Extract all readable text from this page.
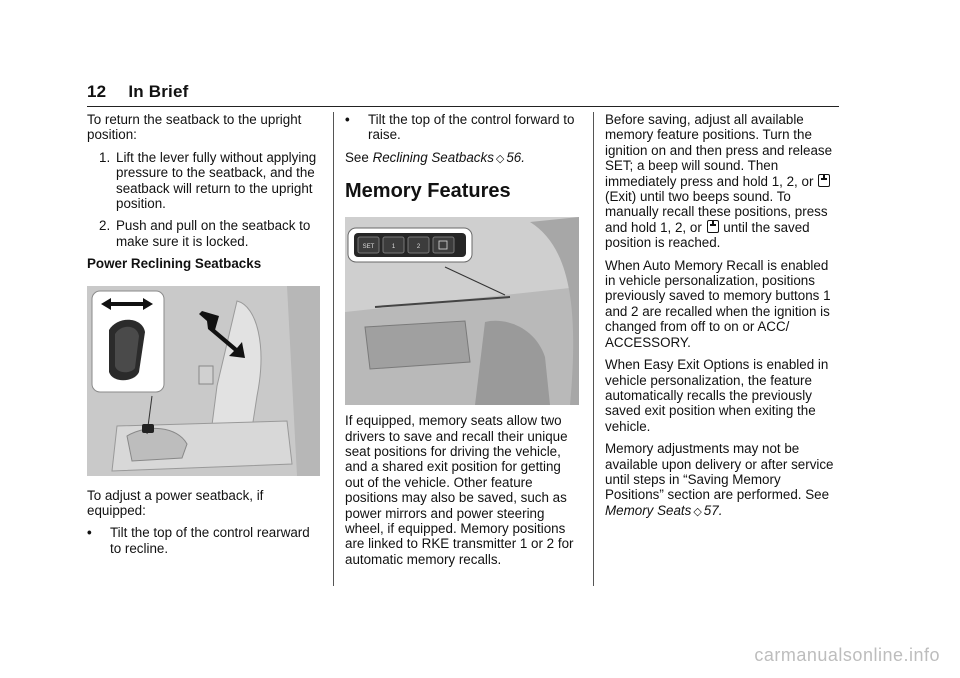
12 In Brief

To return the seatback to the upright position:

1. Lift the lever fully without applying pressure to the seatback, and the seatback will return to the upright position.
2. Push and pull on the seatback to make sure it is locked.

Power Reclining Seatbacks

To adjust a power seatback, if equipped:

•	Tilt the top of the control rearward to recline.
•	Tilt the top of the control forward to raise.

See Reclining Seatbacks ◇ 56.

Memory Features
SET	1	2

If equipped, memory seats allow two drivers to save and recall their unique seat positions for driving the vehicle, and a shared exit position for getting out of the vehicle. Other feature positions may also be saved, such as power mirrors and power steering wheel, if equipped. Memory positions are linked to RKE transmitter 1 or 2 for automatic memory recalls.

Before saving, adjust all available memory feature positions. Turn the ignition on and then press and release SET; a beep will sound. Then immediately press and hold 1, 2, or  (Exit) until two beeps sound. To manually recall these positions, press and hold 1, 2, or until the saved position is reached.

When Auto Memory Recall is enabled in vehicle personalization, positions previously saved to memory buttons 1 and 2 are recalled when the ignition is changed from off to on or ACC/ ACCESSORY.

When Easy Exit Options is enabled in vehicle personalization, the feature automatically recalls the previously saved exit position when exiting the vehicle.

Memory adjustments may not be available upon delivery or after service until steps in “Saving Memory Positions” section are performed. See Memory Seats ◇ 57.

carmanualsonline.info
